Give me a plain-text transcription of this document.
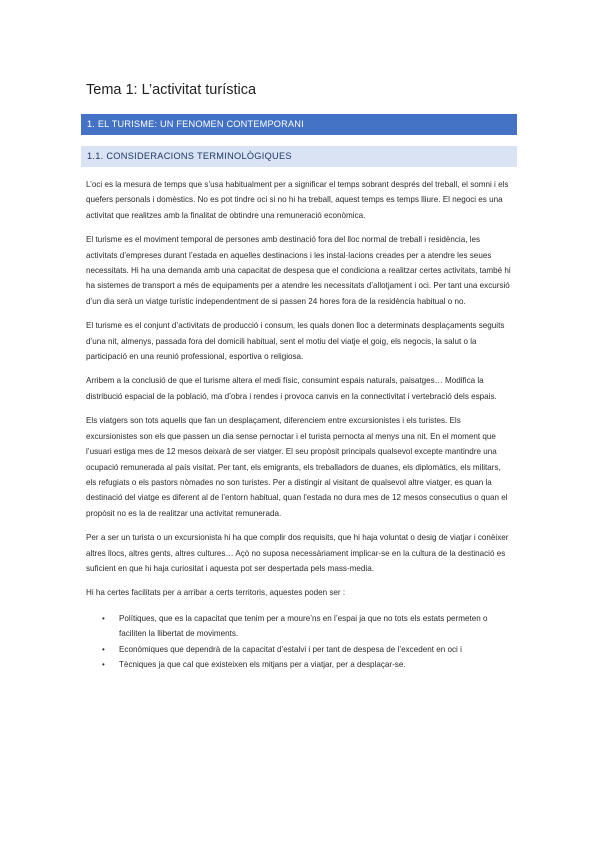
Tema 1: L’activitat turística
1. EL TURISME: UN FENOMEN CONTEMPORANI
1.1. CONSIDERACIONS TERMINOLÒGIQUES

L’oci es la mesura de temps que s’usa habitualment per a significar el temps sobrant després del treball, el somni i els quefers personals i domèstics. No es pot tindre oci si no hi ha treball, aquest temps es temps lliure. El negoci es una activitat que realitzes amb la finalitat de obtindre una remuneració econòmica.

El turisme es el moviment temporal de persones amb destinació fora del lloc normal de treball i residència, les activitats d’empreses durant l’estada en aquelles destinacions i les instal·lacions creades per a atendre les seues necessitats. Hi ha una demanda amb una capacitat de despesa que el condiciona a realitzar certes activitats, també hi ha sistemes de transport a més de equipaments per a atendre les necessitats d’allotjament i oci. Per tant una excursió d’un dia serà un viatge turístic independentment de si passen 24 hores fora de la residència habitual o no.

El turisme es el conjunt d’activitats de producció i consum, les quals donen lloc a determinats desplaçaments seguits d’una nit, almenys, passada fora del domicili habitual, sent el motiu del viatje el goig, els negocis, la salut o la participació en una reunió professional, esportiva o religiosa.

Arribem a la conclusió de que el turisme altera el medi físic, consumint espais naturals, paisatges… Modifica la distribució espacial de la població, ma d’obra i rendes i provoca canvis en la connectivitat i vertebració dels espais.

Els viatgers son tots aquells que fan un desplaçament, diferenciem entre excursionistes i els turistes. Els excursionistes son els que passen un dia sense pernoctar i el turista pernocta al menys una nit. En el moment que l’usuari estiga mes de 12 mesos deixarà de ser viatger. El seu propòsit principals qualsevol excepte mantindre una ocupació remunerada al país visitat. Per tant, els emigrants, els treballadors de duanes, els diplomàtics, els militars, els refugiats o els pastors nòmades no son turistes. Per a distingir al visitant de qualsevol altre viatger, es quan la destinació del viatge es diferent al de l’entorn habitual, quan l’estada no dura mes de 12 mesos consecutius o quan el propòsit no es la de realitzar una activitat remunerada.

Per a ser un turista o un excursionista hi ha que complir dos requisits, que hi haja voluntat o desig de viatjar i conèixer altres llocs, altres gents, altres cultures… Açò no suposa necessàriament implicar-se en la cultura de la destinació es suficient en que hi haja curiositat i aquesta pot ser despertada pels mass-media.

Hi ha certes facilitats per a arribar a certs territoris, aquestes poden ser :

• Polítiques, que es la capacitat que tenim per a moure’ns en l’espai ja que no tots els estats permeten o faciliten la llibertat de moviments.
• Econòmiques que dependrà de la capacitat d’estalvi i per tant de despesa de l’excedent en oci i
• Tècniques ja que cal que existeixen els mitjans per a viatjar, per a desplaçar-se.
